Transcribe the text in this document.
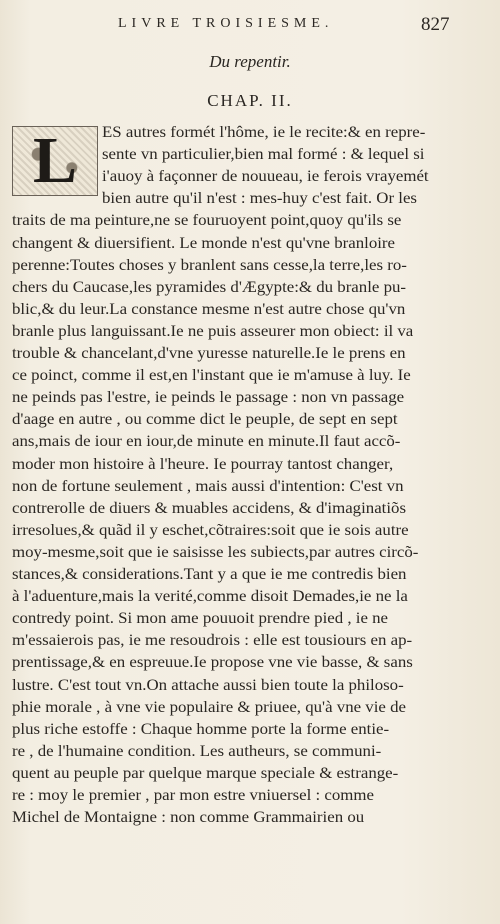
LIVRE TROISIESME.	827
Du repentir.
CHAP. II.
L	ES autres formét l'hôme, ie le recite:& en repre-
sente vn particulier,bien mal formé : & lequel si
i'auoy à façonner de nouueau, ie ferois vrayemét
bien autre qu'il n'est : mes-huy c'est fait. Or les
traits de ma peinture,ne se fouruoyent point,quoy qu'ils se
changent & diuersifient. Le monde n'est qu'vne branloire
perenne:Toutes choses y branlent sans cesse,la terre,les ro-
chers du Caucase,les pyramides d'Ægypte:& du branle pu-
blic,& du leur.La constance mesme n'est autre chose qu'vn
branle plus languissant.Ie ne puis asseurer mon obiect: il va
trouble & chancelant,d'vne yuresse naturelle.Ie le prens en
ce poinct, comme il est,en l'instant que ie m'amuse à luy. Ie
ne peinds pas l'estre, ie peinds le passage : non vn passage
d'aage en autre , ou comme dict le peuple, de sept en sept
ans,mais de iour en iour,de minute en minute.Il faut accõ-
moder mon histoire à l'heure. Ie pourray tantost changer,
non de fortune seulement , mais aussi d'intention: C'est vn
contrerolle de diuers & muables accidens, & d'imaginatiõs
irresolues,& quãd il y eschet,cõtraires:soit que ie sois autre
moy-mesme,soit que ie saisisse les subiects,par autres circõ-
stances,& considerations.Tant y a que ie me contredis bien
à l'aduenture,mais la verité,comme disoit Demades,ie ne la
contredy point. Si mon ame pouuoit prendre pied , ie ne
m'essaierois pas, ie me resoudrois : elle est tousiours en ap-
prentissage,& en espreuue.Ie propose vne vie basse, & sans
lustre. C'est tout vn.On attache aussi bien toute la philoso-
phie morale , à vne vie populaire & priuee, qu'à vne vie de
plus riche estoffe : Chaque homme porte la forme entie-
re , de l'humaine condition. Les autheurs, se communi-
quent au peuple par quelque marque speciale & estrange-
re : moy le premier , par mon estre vniuersel : comme
Michel de Montaigne : non comme Grammairien ou
